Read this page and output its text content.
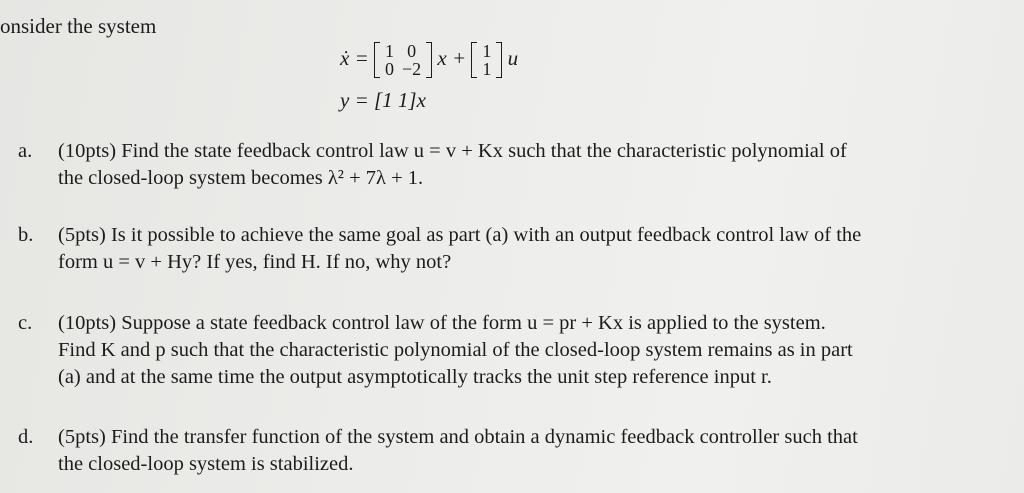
onsider the system
ẋ = 1	0
0	−2 x + 1
1 u
y = [1 1]x
a. (10pts) Find the state feedback control law u = v + Kx such that the characteristic polynomial of
the closed-loop system becomes λ² + 7λ + 1.
b. (5pts) Is it possible to achieve the same goal as part (a) with an output feedback control law of the
form u = v + Hy? If yes, find H. If no, why not?
c. (10pts) Suppose a state feedback control law of the form u = pr + Kx is applied to the system.
Find K and p such that the characteristic polynomial of the closed-loop system remains as in part
(a) and at the same time the output asymptotically tracks the unit step reference input r.
d. (5pts) Find the transfer function of the system and obtain a dynamic feedback controller such that
the closed-loop system is stabilized.
